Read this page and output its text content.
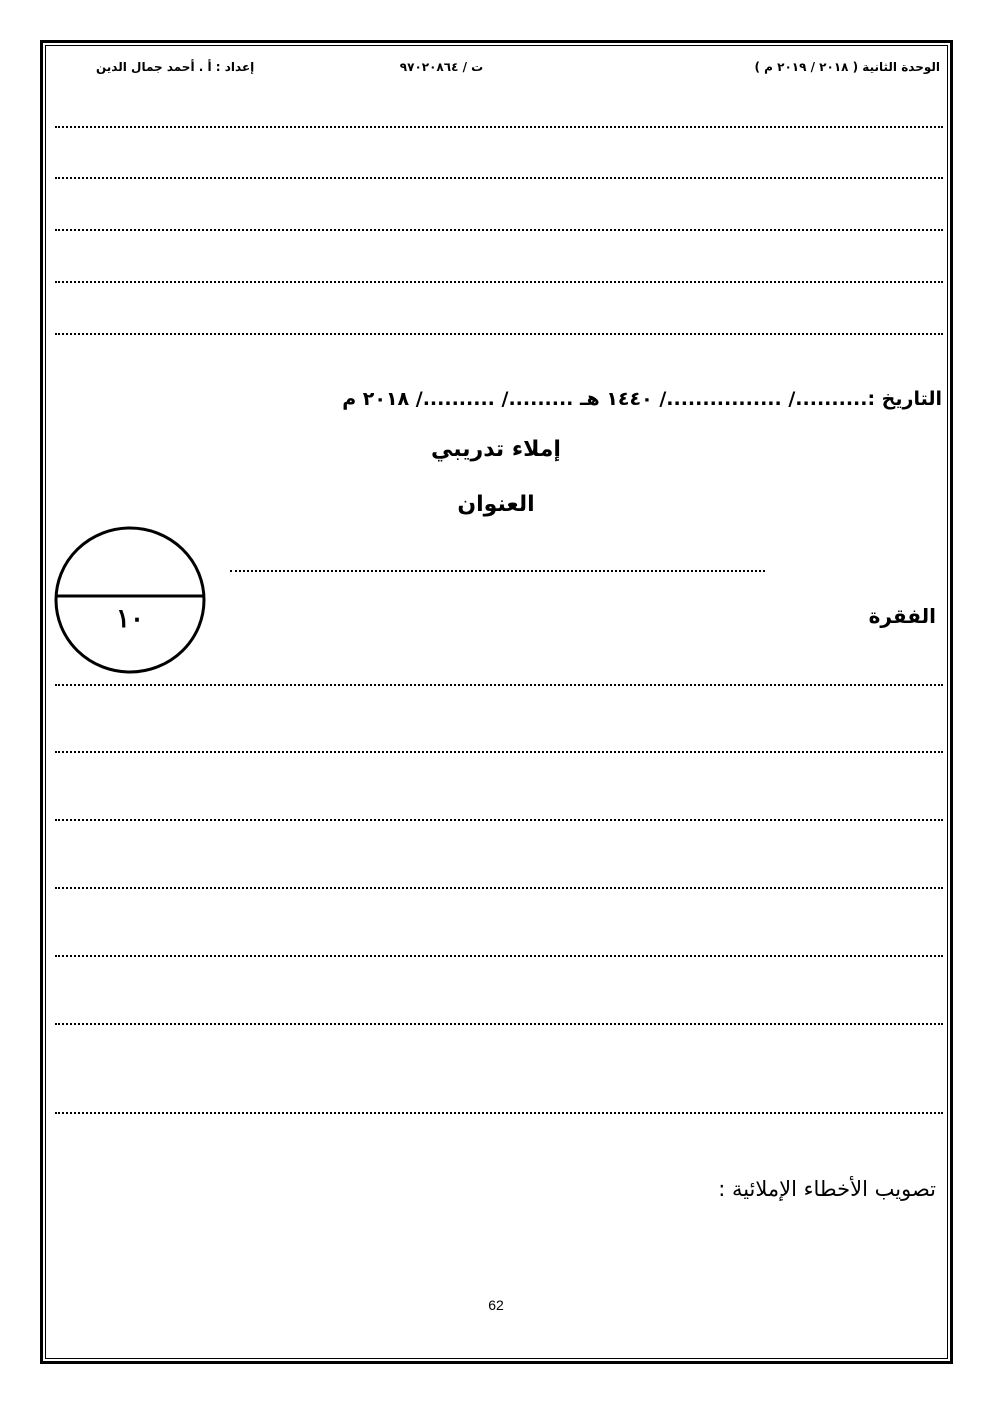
الوحدة الثانية ( ٢٠١٨ / ٢٠١٩ م )
ت / ٩٧٠٢٠٨٦٤
إعداد : أ . أحمد جمال الدين
التاريخ :........../ ................/ ١٤٤٠ هـ ........./ ........../ ٢٠١٨ م
إملاء تدريبي
العنوان
١٠	الفقرة
تصويب الأخطاء الإملائية :
62
